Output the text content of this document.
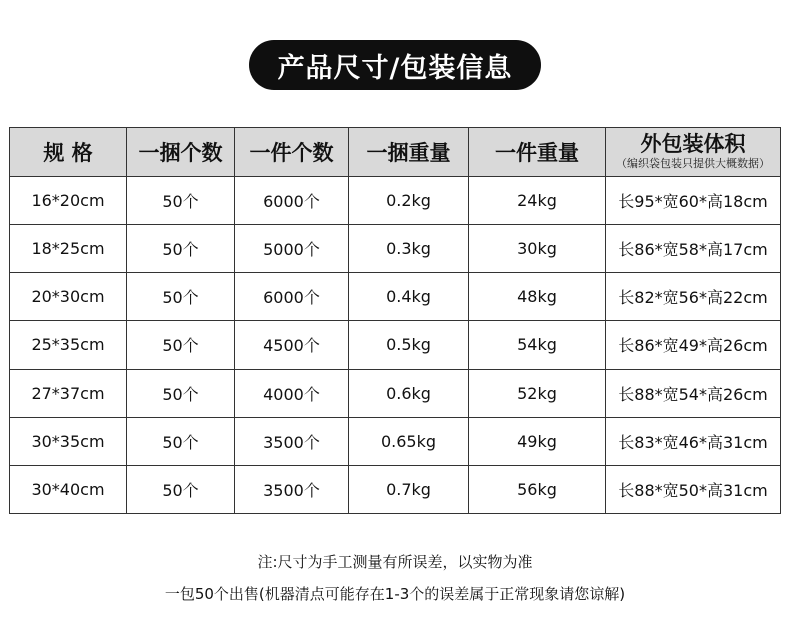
产品尺寸/包装信息
规 格	一捆个数	一件个数	一捆重量	一件重量	外包装体积
（编织袋包装只提供大概数据）

16*20cm	50个	6000个	0.2kg	24kg	长95*宽60*高18cm
18*25cm	50个	5000个	0.3kg	30kg	长86*宽58*高17cm
20*30cm	50个	6000个	0.4kg	48kg	长82*宽56*高22cm
25*35cm	50个	4500个	0.5kg	54kg	长86*宽49*高26cm
27*37cm	50个	4000个	0.6kg	52kg	长88*宽54*高26cm
30*35cm	50个	3500个	0.65kg	49kg	长83*宽46*高31cm
30*40cm	50个	3500个	0.7kg	56kg	长88*宽50*高31cm
注:尺寸为手工测量有所误差，以实物为准
一包50个出售(机器清点可能存在1-3个的误差属于正常现象请您谅解)
